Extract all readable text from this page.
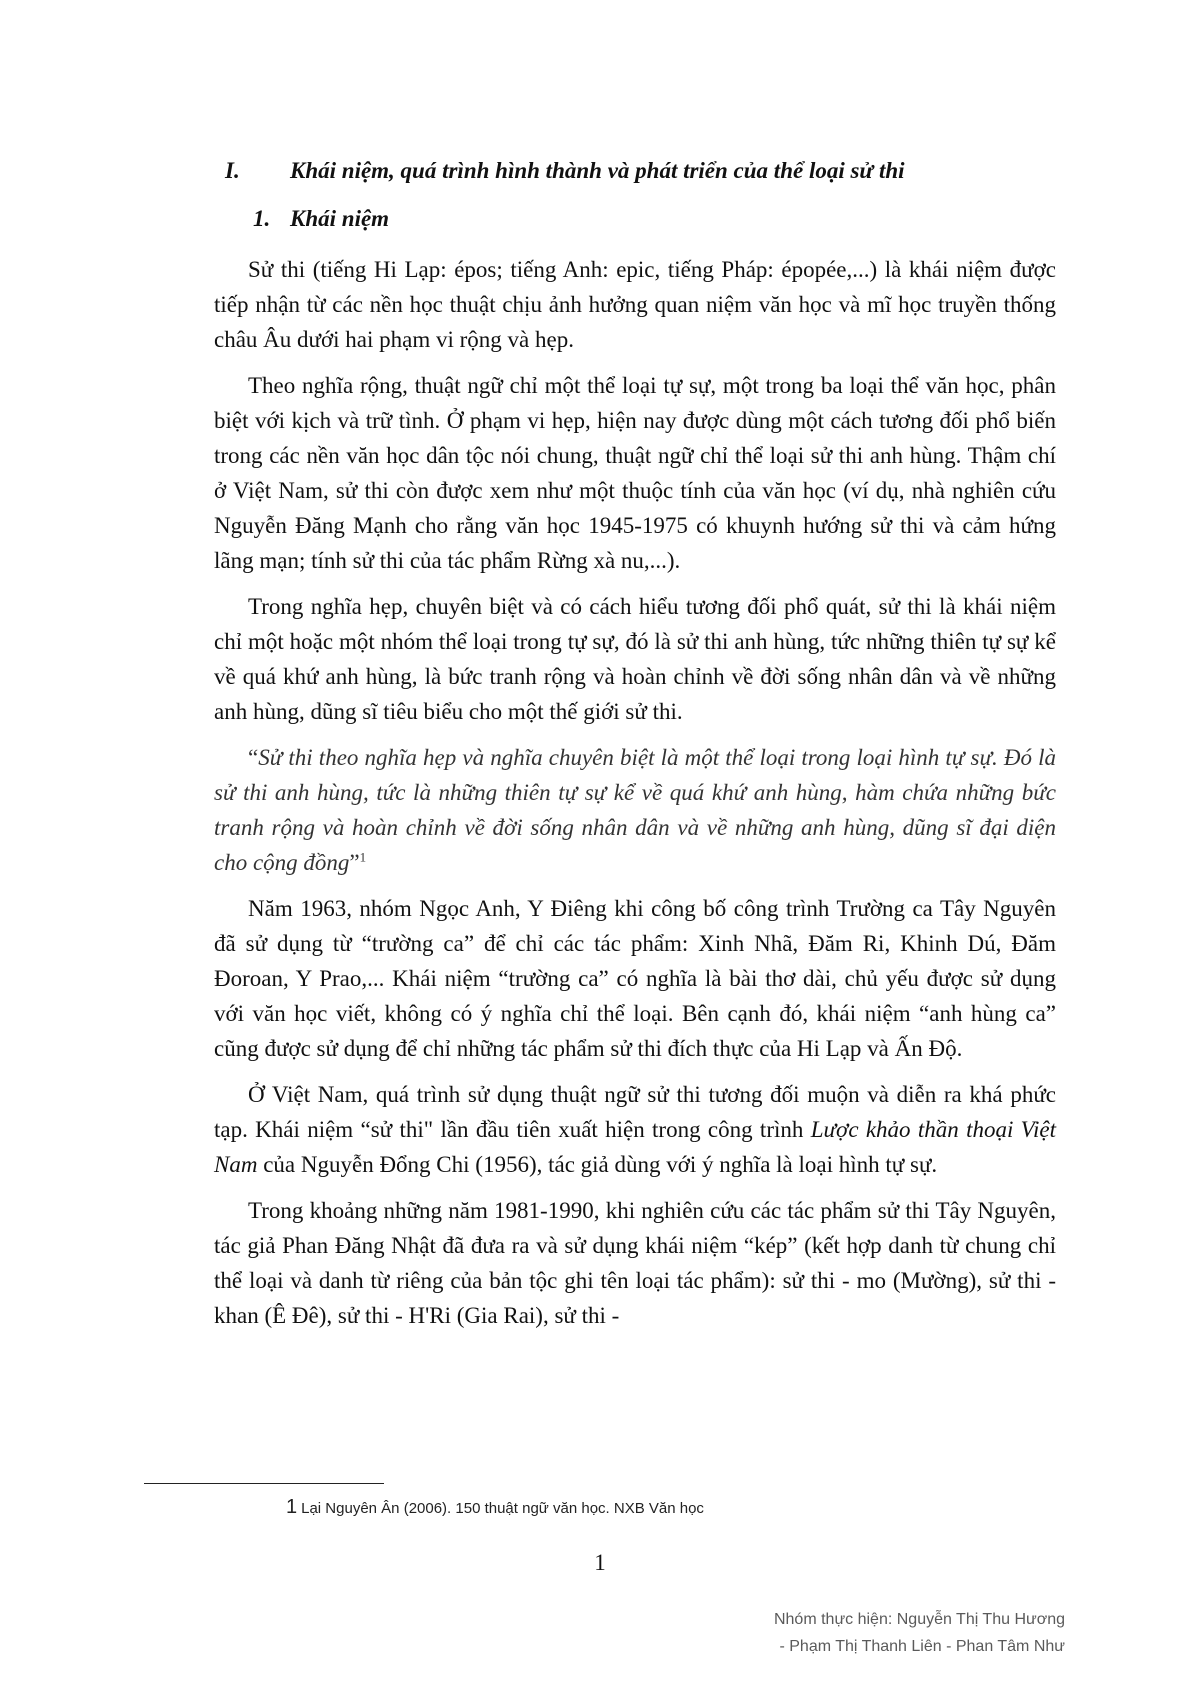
I. Khái niệm, quá trình hình thành và phát triển của thể loại sử thi
1. Khái niệm

Sử thi (tiếng Hi Lạp: épos; tiếng Anh: epic, tiếng Pháp: épopée,...) là khái niệm được tiếp nhận từ các nền học thuật chịu ảnh hưởng quan niệm văn học và mĩ học truyền thống châu Âu dưới hai phạm vi rộng và hẹp.

Theo nghĩa rộng, thuật ngữ chỉ một thể loại tự sự, một trong ba loại thể văn học, phân biệt với kịch và trữ tình. Ở phạm vi hẹp, hiện nay được dùng một cách tương đối phổ biến trong các nền văn học dân tộc nói chung, thuật ngữ chỉ thể loại sử thi anh hùng. Thậm chí ở Việt Nam, sử thi còn được xem như một thuộc tính của văn học (ví dụ, nhà nghiên cứu Nguyễn Đăng Mạnh cho rằng văn học 1945-1975 có khuynh hướng sử thi và cảm hứng lãng mạn; tính sử thi của tác phẩm Rừng xà nu,...).

Trong nghĩa hẹp, chuyên biệt và có cách hiểu tương đối phổ quát, sử thi là khái niệm chỉ một hoặc một nhóm thể loại trong tự sự, đó là sử thi anh hùng, tức những thiên tự sự kể về quá khứ anh hùng, là bức tranh rộng và hoàn chỉnh về đời sống nhân dân và về những anh hùng, dũng sĩ tiêu biểu cho một thế giới sử thi.

“Sử thi theo nghĩa hẹp và nghĩa chuyên biệt là một thể loại trong loại hình tự sự. Đó là sử thi anh hùng, tức là những thiên tự sự kể về quá khứ anh hùng, hàm chứa những bức tranh rộng và hoàn chỉnh về đời sống nhân dân và về những anh hùng, dũng sĩ đại diện cho cộng đồng”$^1$

Năm 1963, nhóm Ngọc Anh, Y Điêng khi công bố công trình Trường ca Tây Nguyên đã sử dụng từ “trường ca” để chỉ các tác phẩm: Xinh Nhã, Đăm Ri, Khinh Dú, Đăm Đoroan, Y Prao,... Khái niệm “trường ca” có nghĩa là bài thơ dài, chủ yếu được sử dụng với văn học viết, không có ý nghĩa chỉ thể loại. Bên cạnh đó, khái niệm “anh hùng ca” cũng được sử dụng để chỉ những tác phẩm sử thi đích thực của Hi Lạp và Ấn Độ.

Ở Việt Nam, quá trình sử dụng thuật ngữ sử thi tương đối muộn và diễn ra khá phức tạp. Khái niệm “sử thi" lần đầu tiên xuất hiện trong công trình Lược khảo thần thoại Việt Nam của Nguyễn Đổng Chi (1956), tác giả dùng với ý nghĩa là loại hình tự sự.

Trong khoảng những năm 1981-1990, khi nghiên cứu các tác phẩm sử thi Tây Nguyên, tác giả Phan Đăng Nhật đã đưa ra và sử dụng khái niệm “kép” (kết hợp danh từ chung chỉ thể loại và danh từ riêng của bản tộc ghi tên loại tác phẩm): sử thi - mo (Mường), sử thi - khan (Ê Đê), sử thi - H'Ri (Gia Rai), sử thi -

1 Lại Nguyên Ân (2006). 150 thuật ngữ văn học. NXB Văn học
1
Nhóm thực hiện: Nguyễn Thị Thu Hương
- Phạm Thị Thanh Liên - Phan Tâm Như
